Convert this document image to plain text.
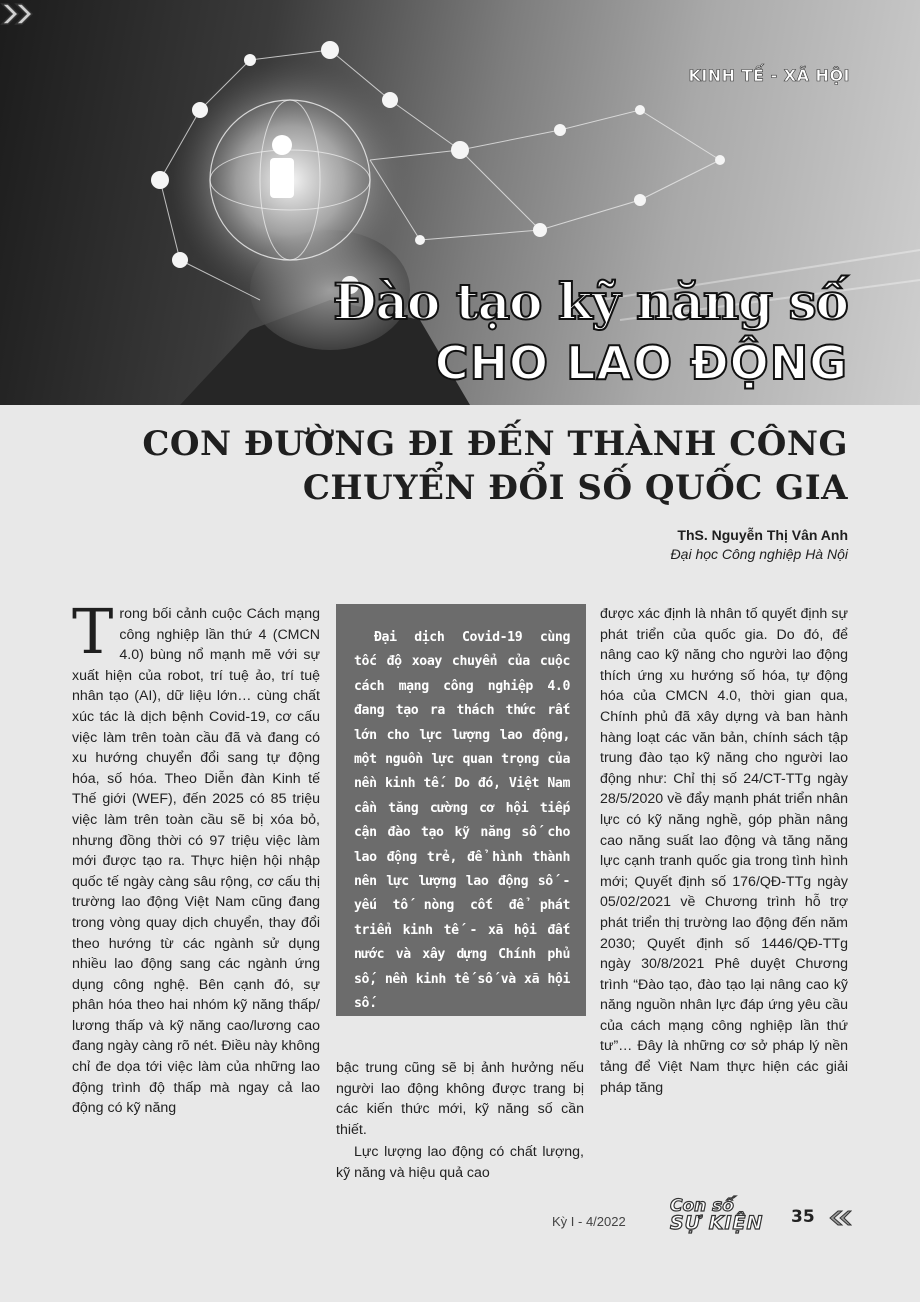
KINH TẾ - XÃ HỘI
Đào tạo kỹ năng số
CHO LAO ĐỘNG
CON ĐƯỜNG ĐI ĐẾN THÀNH CÔNG
CHUYỂN ĐỔI SỐ QUỐC GIA
ThS. Nguyễn Thị Vân Anh
Đại học Công nghiệp Hà Nội
T rong bối cảnh cuộc Cách mạng công nghiệp lần thứ 4 (CMCN 4.0) bùng nổ mạnh mẽ với sự xuất hiện của robot, trí tuệ ảo, trí tuệ nhân tạo (AI), dữ liệu lớn… cùng chất xúc tác là dịch bệnh Covid-19, cơ cấu việc làm trên toàn cầu đã và đang có xu hướng chuyển đổi sang tự động hóa, số hóa. Theo Diễn đàn Kinh tế Thế giới (WEF), đến 2025 có 85 triệu việc làm trên toàn cầu sẽ bị xóa bỏ, nhưng đồng thời có 97 triệu việc làm mới được tạo ra. Thực hiện hội nhập quốc tế ngày càng sâu rộng, cơ cấu thị trường lao động Việt Nam cũng đang trong vòng quay dịch chuyển, thay đổi theo hướng từ các ngành sử dụng nhiều lao động sang các ngành ứng dụng công nghệ. Bên cạnh đó, sự phân hóa theo hai nhóm kỹ năng thấp/ lương thấp và kỹ năng cao/lương cao đang ngày càng rõ nét. Điều này không chỉ đe dọa tới việc làm của những lao động trình độ thấp mà ngay cả lao động có kỹ năng

Đại dịch Covid-19 cùng tốc độ xoay chuyển của cuộc cách mạng công nghiệp 4.0 đang tạo ra thách thức rất lớn cho lực lượng lao động, một nguồn lực quan trọng của nền kinh tế. Do đó, Việt Nam cần tăng cường cơ hội tiếp cận đào tạo kỹ năng số cho lao động trẻ, để hình thành nên lực lượng lao động số - yếu tố nòng cốt để phát triển kinh tế - xã hội đất nước và xây dựng Chính phủ số, nền kinh tế số và xã hội số.

bậc trung cũng sẽ bị ảnh hưởng nếu người lao động không được trang bị các kiến thức mới, kỹ năng số cần thiết.

Lực lượng lao động có chất lượng, kỹ năng và hiệu quả cao

được xác định là nhân tố quyết định sự phát triển của quốc gia. Do đó, để nâng cao kỹ năng cho người lao động thích ứng xu hướng số hóa, tự động hóa của CMCN 4.0, thời gian qua, Chính phủ đã xây dựng và ban hành hàng loạt các văn bản, chính sách tập trung đào tạo kỹ năng cho người lao động như: Chỉ thị số 24/CT-TTg ngày 28/5/2020 về đẩy mạnh phát triển nhân lực có kỹ năng nghề, góp phần nâng cao năng suất lao động và tăng năng lực cạnh tranh quốc gia trong tình hình mới; Quyết định số 176/QĐ-TTg ngày 05/02/2021 về Chương trình hỗ trợ phát triển thị trường lao động đến năm 2030; Quyết định số 1446/QĐ-TTg ngày 30/8/2021 Phê duyệt Chương trình “Đào tạo, đào tạo lại nâng cao kỹ năng nguồn nhân lực đáp ứng yêu cầu của cách mạng công nghiệp lần thứ tư”… Đây là những cơ sở pháp lý nền tảng để Việt Nam thực hiện các giải pháp tăng

Kỳ I - 4/2022
Con số
SỰ KIỆN 35
